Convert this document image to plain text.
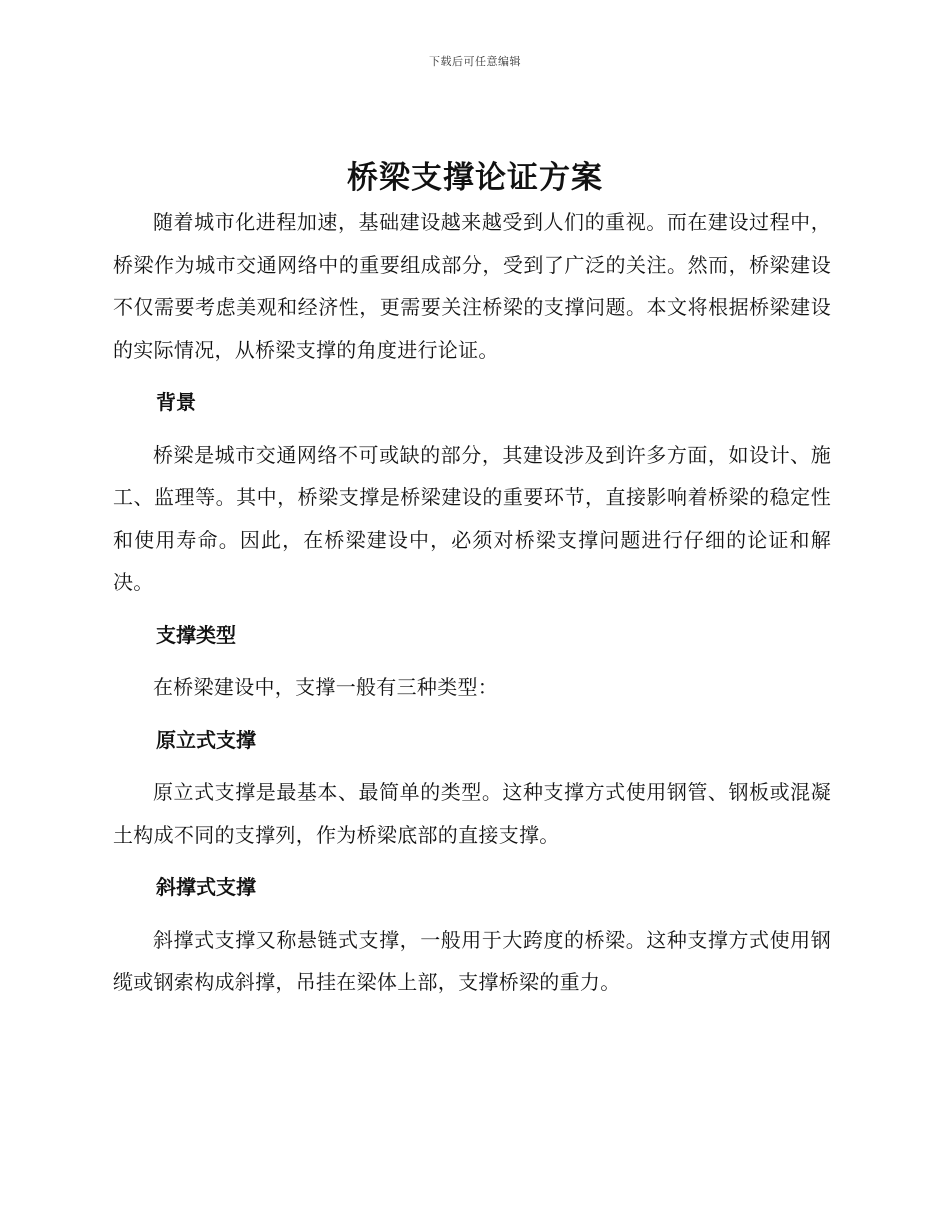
下载后可任意编辑
桥梁支撑论证方案

随着城市化进程加速，基础建设越来越受到人们的重视。而在建设过程中，桥梁作为城市交通网络中的重要组成部分，受到了广泛的关注。然而，桥梁建设不仅需要考虑美观和经济性，更需要关注桥梁的支撑问题。本文将根据桥梁建设的实际情况，从桥梁支撑的角度进行论证。

背景

桥梁是城市交通网络不可或缺的部分，其建设涉及到许多方面，如设计、施工、监理等。其中，桥梁支撑是桥梁建设的重要环节，直接影响着桥梁的稳定性和使用寿命。因此，在桥梁建设中，必须对桥梁支撑问题进行仔细的论证和解决。

支撑类型

在桥梁建设中，支撑一般有三种类型：

原立式支撑

原立式支撑是最基本、最简单的类型。这种支撑方式使用钢管、钢板或混凝土构成不同的支撑列，作为桥梁底部的直接支撑。

斜撑式支撑

斜撑式支撑又称悬链式支撑，一般用于大跨度的桥梁。这种支撑方式使用钢缆或钢索构成斜撑，吊挂在梁体上部，支撑桥梁的重力。
